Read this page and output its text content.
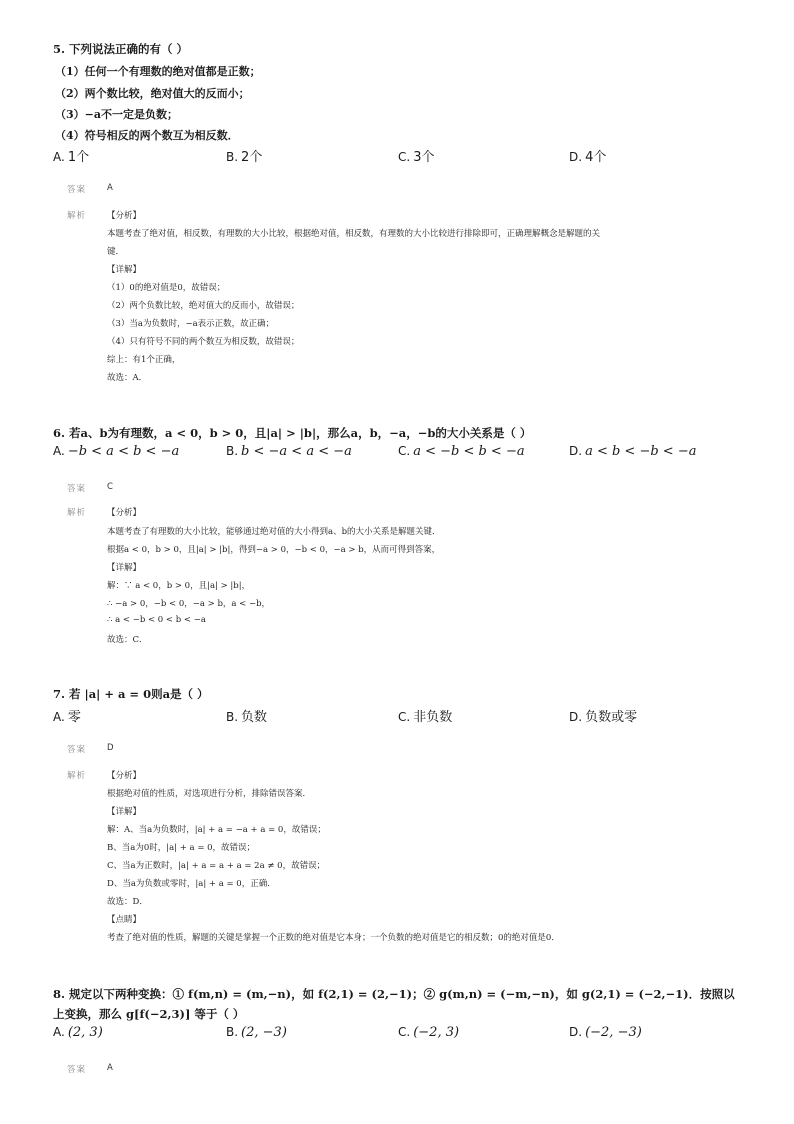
5. 下列说法正确的有（ ）
（1）任何一个有理数的绝对值都是正数；
（2）两个数比较，绝对值大的反而小；
（3）−a不一定是负数；
（4）符号相反的两个数互为相反数．
A. 1个	B. 2个	C. 3个	D. 4个
答案 A
解析 【分析】
本题考查了绝对值，相反数，有理数的大小比较，根据绝对值，相反数，有理数的大小比较进行排除即可，正确理解概念是解题的关
键．
【详解】
（1）0的绝对值是0，故错误；
（2）两个负数比较，绝对值大的反而小，故错误；
（3）当a为负数时，−a表示正数，故正确；
（4）只有符号不同的两个数互为相反数，故错误；
综上：有1个正确，
故选：A．
6. 若a、b为有理数，a < 0，b > 0，且|a| > |b|，那么a，b，−a，−b的大小关系是（ ）
A. −b < a < b < −a	B. b < −a < a < −a	C. a < −b < b < −a	D. a < b < −b < −a
答案 C
解析 【分析】
本题考查了有理数的大小比较，能够通过绝对值的大小得到a、b的大小关系是解题关键．
根据a < 0，b > 0，且|a| > |b|，得到−a > 0，−b < 0，−a > b，从而可得到答案，
【详解】
解：∵ a < 0，b > 0，且|a| > |b|，
∴ −a > 0，−b < 0，−a > b，a < −b，
∴ a < −b < 0 < b < −a
故选：C．
7. 若 |a| + a = 0则a是（ ）
A. 零	B. 负数	C. 非负数	D. 负数或零
答案 D
解析 【分析】
根据绝对值的性质，对选项进行分析，排除错误答案．
【详解】
解：A、当a为负数时，|a| + a = −a + a = 0，故错误；
B、当a为0时，|a| + a = 0，故错误；
C、当a为正数时，|a| + a = a + a = 2a ≠ 0，故错误；
D、当a为负数或零时，|a| + a = 0，正确．
故选：D．
【点睛】
考查了绝对值的性质，解题的关键是掌握一个正数的绝对值是它本身；一个负数的绝对值是它的相反数；0的绝对值是0．
8. 规定以下两种变换：① f(m,n) = (m,−n)，如 f(2,1) = (2,−1)；② g(m,n) = (−m,−n)，如 g(2,1) = (−2,−1)．按照以
上变换，那么 g[f(−2,3)] 等于（ ）
A. (2, 3)	B. (2, −3)	C. (−2, 3)	D. (−2, −3)
答案 A
